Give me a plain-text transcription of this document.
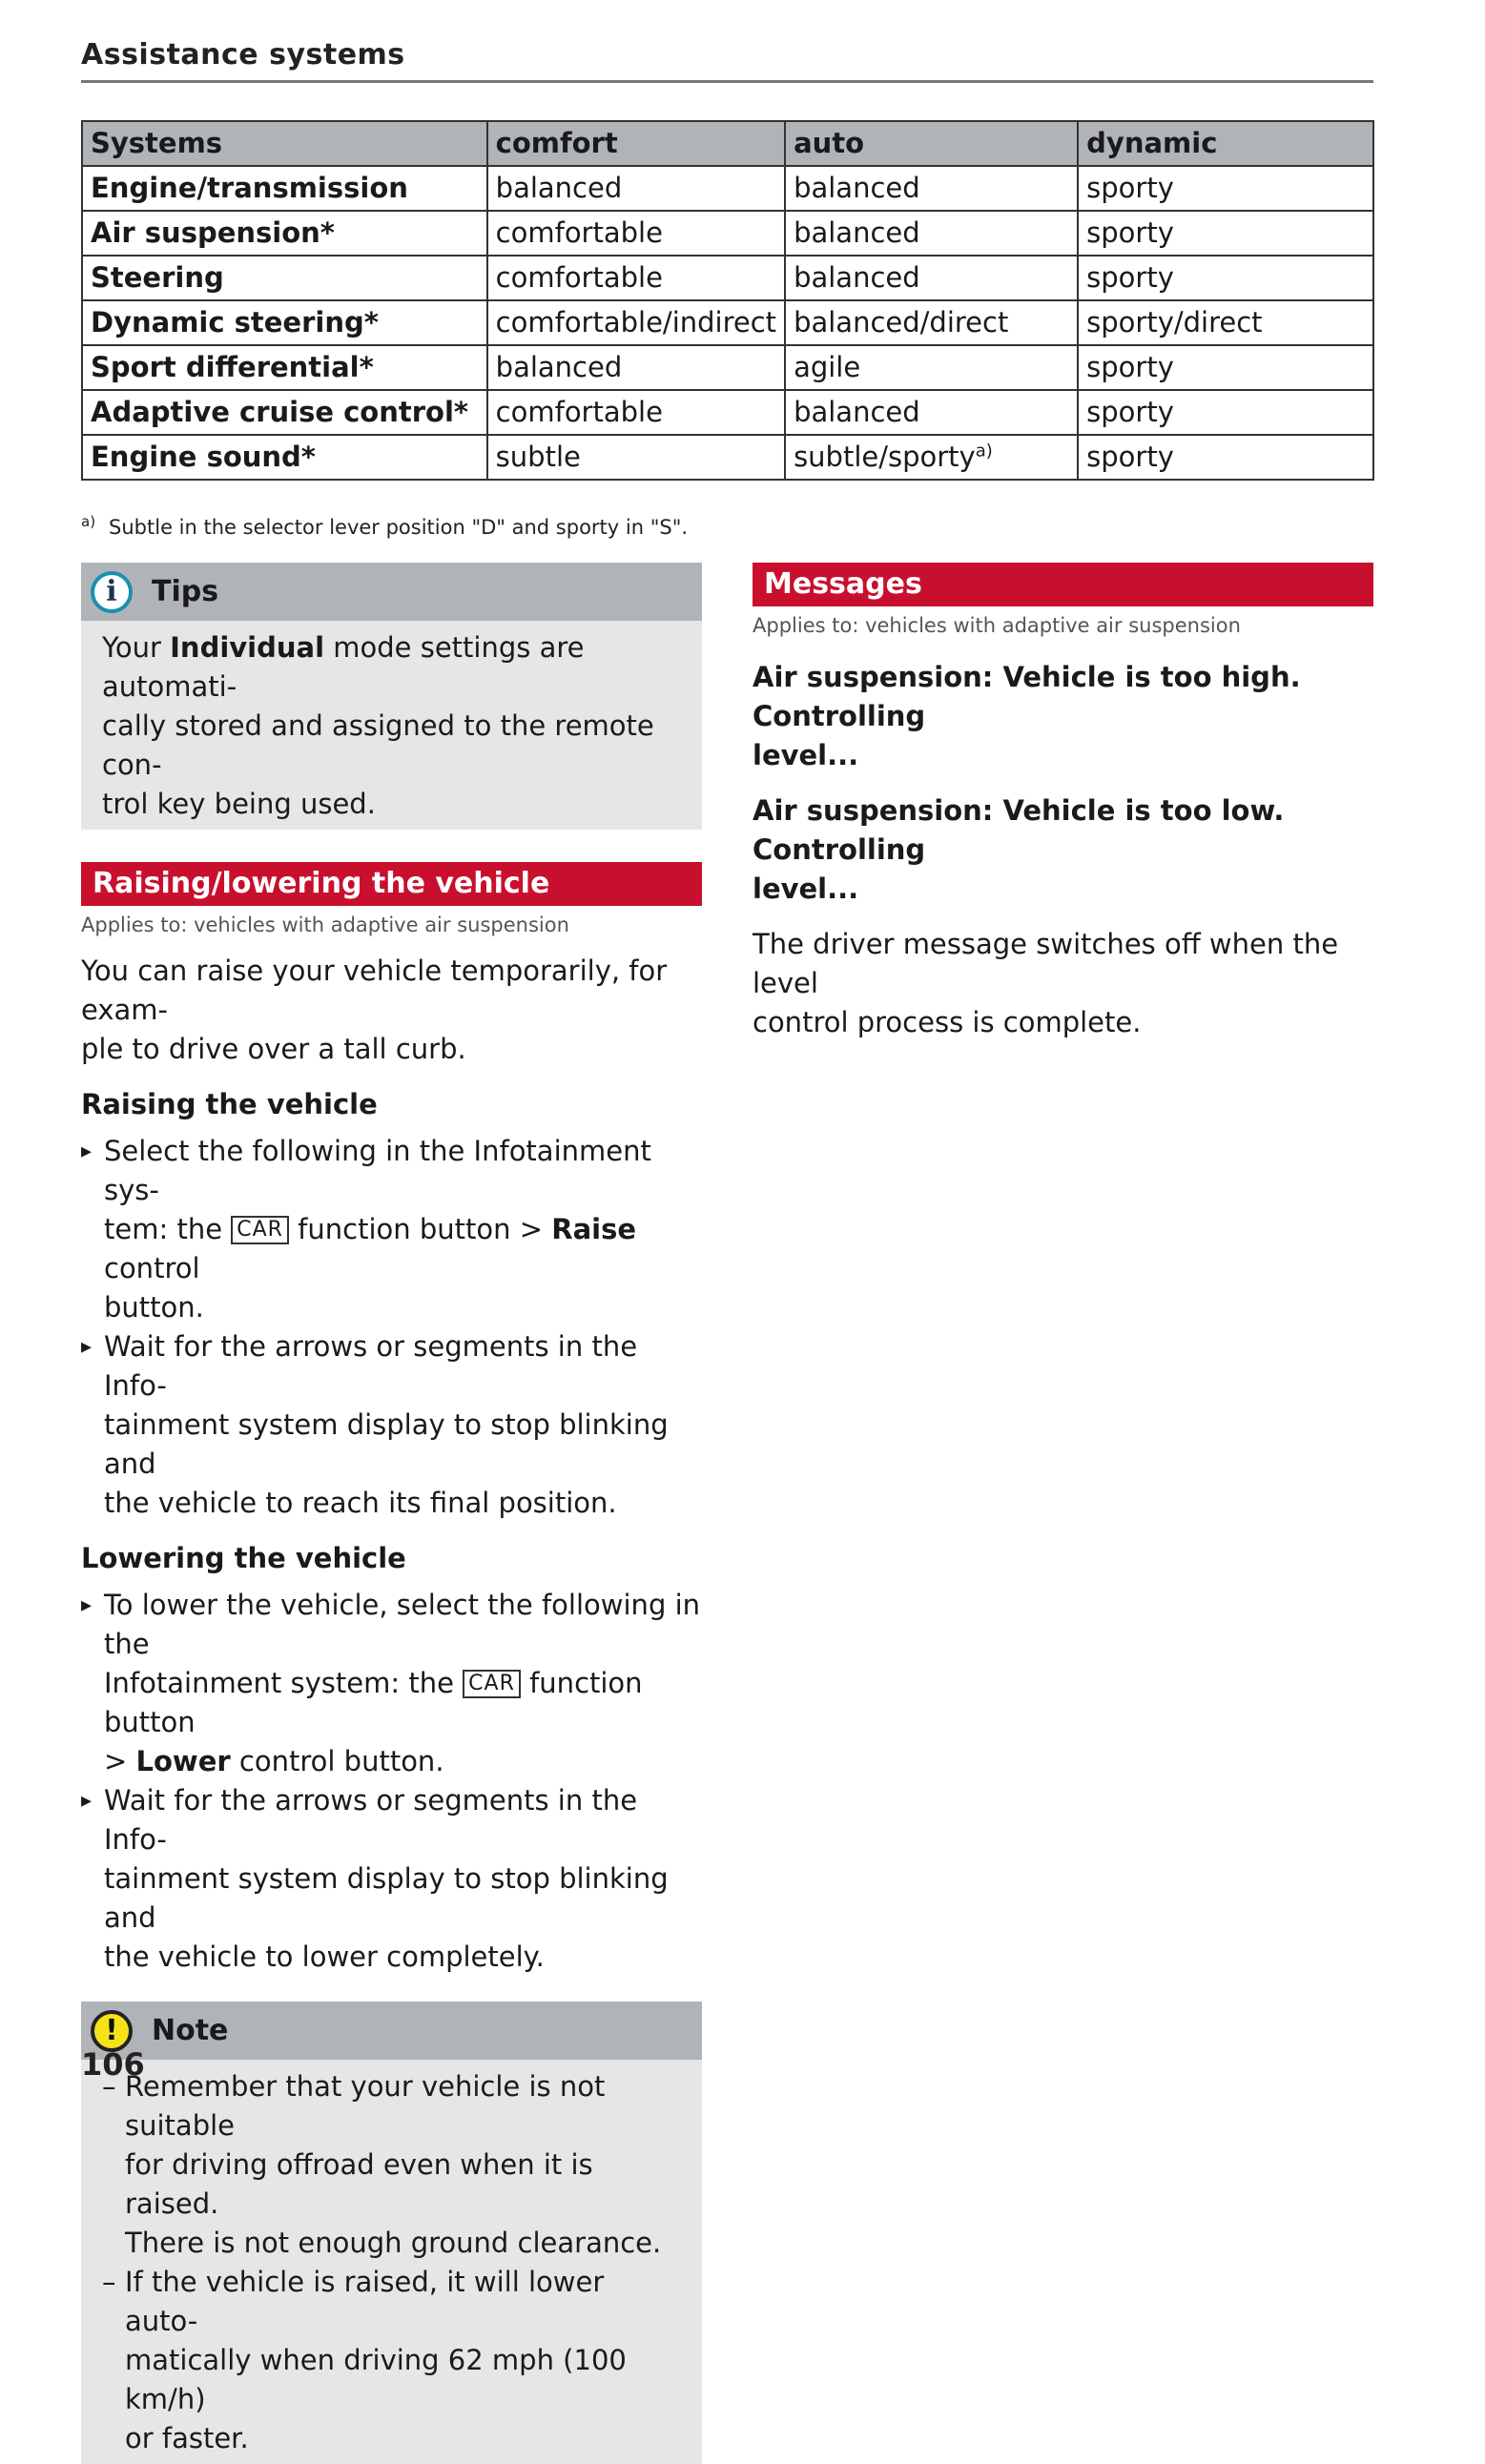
Assistance systems
Systems	comfort	auto	dynamic
Engine/transmission	balanced	balanced	sporty
Air suspension*	comfortable	balanced	sporty
Steering	comfortable	balanced	sporty
Dynamic steering*	comfortable/indirect	balanced/direct	sporty/direct
Sport differential*	balanced	agile	sporty
Adaptive cruise control*	comfortable	balanced	sporty
Engine sound*	subtle	subtle/sporty$^{a)}$	sporty
$^{a)}$ Subtle in the selector lever position "D" and sporty in "S".
i	Tips

Your Individual mode settings are automati-

cally stored and assigned to the remote con-

trol key being used.

Raising/lowering the vehicle
Applies to: vehicles with adaptive air suspension

You can raise your vehicle temporarily, for exam-

ple to drive over a tall curb.

Raising the vehicle

▸ Select the following in the Infotainment sys-
tem: the CAR function button > Raise control
button.
▸ Wait for the arrows or segments in the Info-
tainment system display to stop blinking and
the vehicle to reach its final position.

Lowering the vehicle

▸ To lower the vehicle, select the following in the
Infotainment system: the CAR function button
> Lower control button.
▸ Wait for the arrows or segments in the Info-
tainment system display to stop blinking and
the vehicle to lower completely.
!	Note
– Remember that your vehicle is not suitable
for driving offroad even when it is raised.
There is not enough ground clearance.
– If the vehicle is raised, it will lower auto-
matically when driving 62 mph (100 km/h)
or faster.
Messages
Applies to: vehicles with adaptive air suspension

Air suspension: Vehicle is too high. Controlling

level...

Air suspension: Vehicle is too low. Controlling

level...

The driver message switches off when the level

control process is complete.

106
